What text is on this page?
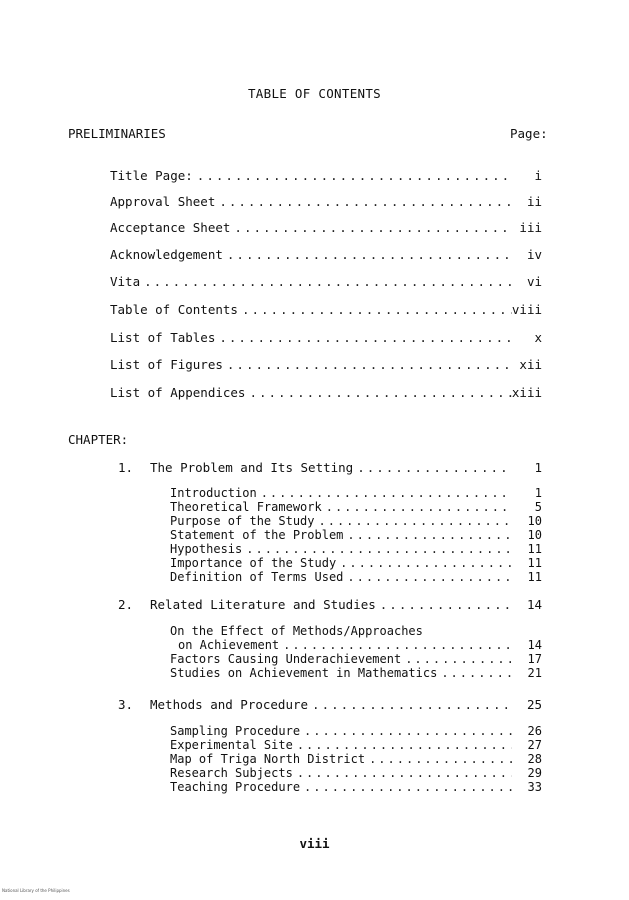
TABLE OF CONTENTS
PRELIMINARIES	Page:
Title Page: .....	i
Approval Sheet .....	ii
Acceptance Sheet .....	iii
Acknowledgement .....	iv
Vita .....	vi
Table of Contents .....	viii
List of Tables .....	x
List of Figures .....	xii
List of Appendices .....	xiii
CHAPTER:
1. The Problem and Its Setting .....	1
Introduction .....	1
Theoretical Framework .....	5
Purpose of the Study .....	10
Statement of the Problem .....	10
Hypothesis .....	11
Importance of the Study .....	11
Definition of Terms Used .....	11
2. Related Literature and Studies .....	14
On the Effect of Methods/Approaches
on Achievement .....	14
Factors Causing Underachievement .....	17
Studies on Achievement in Mathematics .....	21
3. Methods and Procedure .....	25
Sampling Procedure .....	26
Experimental Site .....	27
Map of Triga North District .....	28
Research Subjects .....	29
Teaching Procedure .....	33
viii
National Library of the Philippines
